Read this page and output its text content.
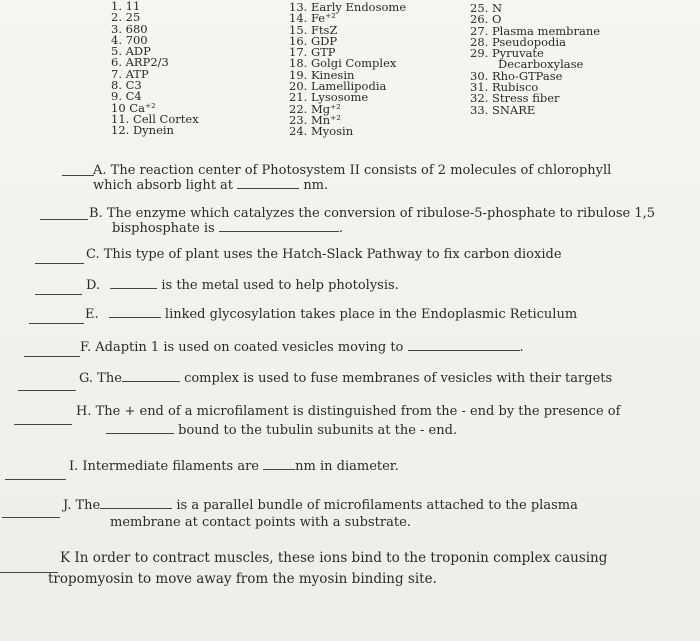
1. 11
2. 25
3. 680
4. 700
5. ADP
6. ARP2/3
7. ATP
8. C3
9. C4
10 Ca⁺²
11. Cell Cortex
12. Dynein
13. Early Endosome
14. Fe⁺²
15. FtsZ
16. GDP
17. GTP
18. Golgi Complex
19. Kinesin
20. Lamellipodia
21. Lysosome
22. Mg⁺²
23. Mn⁺²
24. Myosin
25. N
26. O
27. Plasma membrane
28. Pseudopodia
29. Pyruvate
Decarboxylase
30. Rho-GTPase
31. Rubisco
32. Stress fiber
33. SNARE
A. The reaction center of Photosystem II consists of 2 molecules of chlorophyll
which absorb light at	nm.
B. The enzyme which catalyzes the conversion of ribulose-5-phosphate to ribulose 1,5
bisphosphate is	.
C. This type of plant uses the Hatch-Slack Pathway to fix carbon dioxide
D.	is the metal used to help photolysis.
E.	linked glycosylation takes place in the Endoplasmic Reticulum
F. Adaptin 1 is used on coated vesicles moving to	.
G. The	complex is used to fuse membranes of vesicles with their targets
H. The + end of a microfilament is distinguished from the - end by the presence of
bound to the tubulin subunits at the - end.
I. Intermediate filaments are	nm in diameter.
J. The	is a parallel bundle of microfilaments attached to the plasma
membrane at contact points with a substrate.
K In order to contract muscles, these ions bind to the troponin complex causing
tropomyosin to move away from the myosin binding site.
